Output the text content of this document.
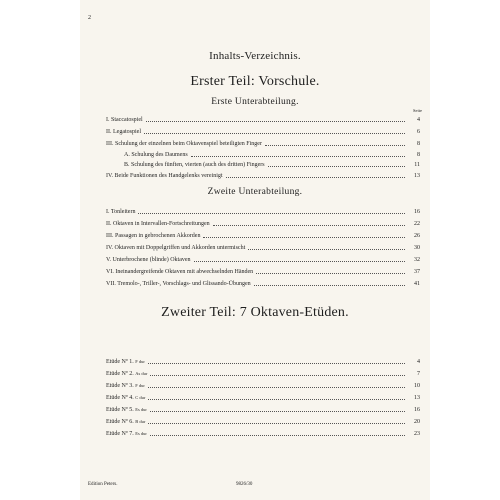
2
Inhalts-Verzeichnis.
Erster Teil: Vorschule.
Erste Unterabteilung.
Seite
I. Staccatospiel	4
II. Legatospiel	6
III. Schulung der einzelnen beim Oktavenspiel beteiligten Finger	8
A. Schulung des Daumens	8
B. Schulung des fünften, vierten (auch des dritten) Fingers	11
IV. Beide Funktionen des Handgelenks vereinigt	13
Zweite Unterabteilung.
I. Tonleitern	16
II. Oktaven in Intervallen-Fortschreitungen	22
III. Passagen in gebrochenen Akkorden	26
IV. Oktaven mit Doppelgriffen und Akkorden untermischt	30
V. Unterbrochene (blinde) Oktaven	32
VI. Ineinandergreifende Oktaven mit abwechselnden Händen	37
VII. Tremolo-, Triller-, Vorschlags- und Glissando-Übungen	41
Zweiter Teil: 7 Oktaven-Etüden.
Etüde Nº 1. F dur	4
Etüde Nº 2. As dur	7
Etüde Nº 3. F dur	10
Etüde Nº 4. C dur	13
Etüde Nº 5. Es dur	16
Etüde Nº 6. B dur	20
Etüde Nº 7. Es dur	23
Edition Peters.	9826/30
